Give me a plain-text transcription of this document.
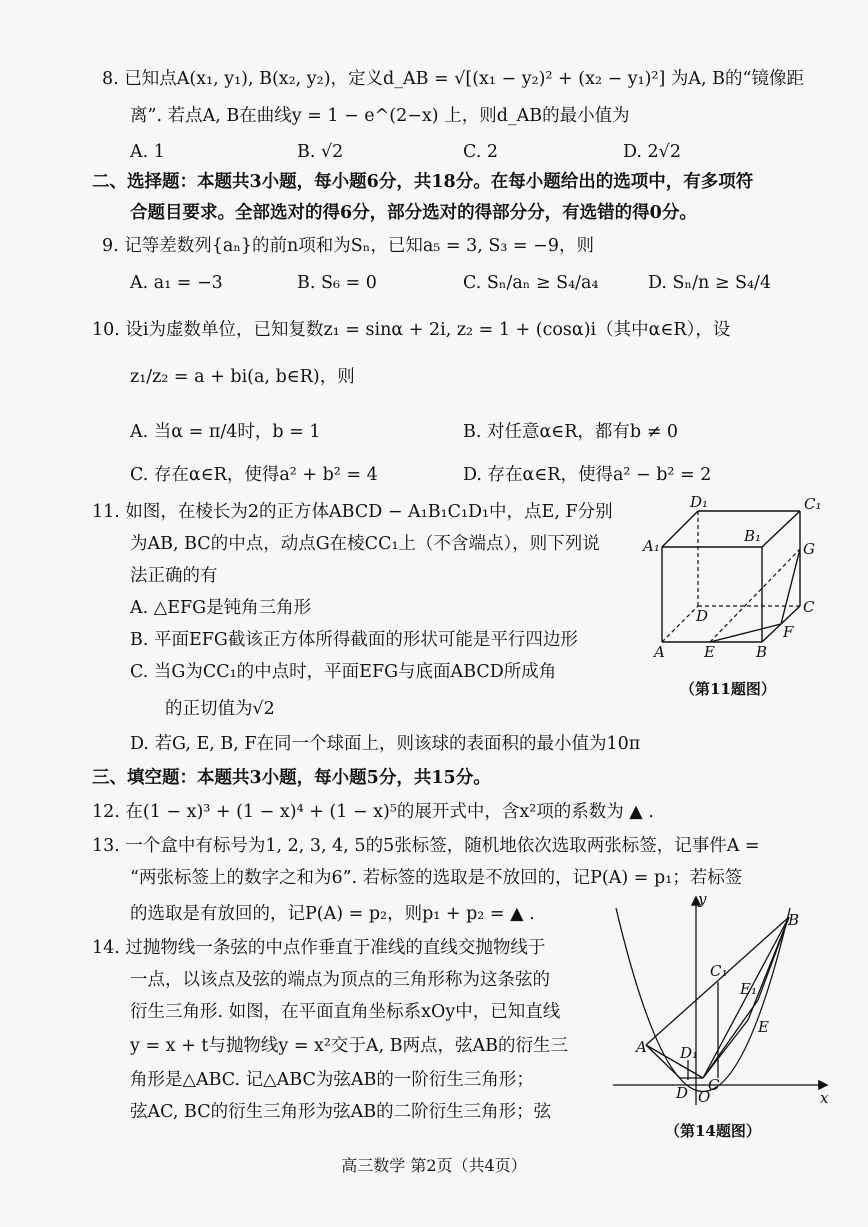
8. 已知点A(x₁, y₁), B(x₂, y₂)，定义d_AB = √[(x₁ − y₂)² + (x₂ − y₁)²] 为A, B的“镜像距
离”. 若点A, B在曲线y = 1 − e^(2−x) 上，则d_AB的最小值为
A. 1	B. √2	C. 2	D. 2√2
二、选择题：本题共3小题，每小题6分，共18分。在每小题给出的选项中，有多项符
合题目要求。全部选对的得6分，部分选对的得部分分，有选错的得0分。
9. 记等差数列{aₙ}的前n项和为Sₙ，已知a₅ = 3, S₃ = −9，则
A. a₁ = −3	B. S₆ = 0	C. Sₙ/aₙ ≥ S₄/a₄	D. Sₙ/n ≥ S₄/4
10. 设i为虚数单位，已知复数z₁ = sinα + 2i, z₂ = 1 + (cosα)i（其中α∈R），设
z₁/z₂ = a + bi(a, b∈R)，则
A. 当α = π/4时，b = 1	B. 对任意α∈R，都有b ≠ 0
C. 存在α∈R，使得a² + b² = 4	D. 存在α∈R，使得a² − b² = 2
11. 如图，在棱长为2的正方体ABCD − A₁B₁C₁D₁中，点E, F分别
为AB, BC的中点，动点G在棱CC₁上（不含端点），则下列说
法正确的有
A. △EFG是钝角三角形
B. 平面EFG截该正方体所得截面的形状可能是平行四边形
C. 当G为CC₁的中点时，平面EFG与底面ABCD所成角
的正切值为√2
D. 若G, E, B, F在同一个球面上，则该球的表面积的最小值为10π
D₁	C₁
A₁
B₁
G
D	C
F
A	E	B
（第11题图）
三、填空题：本题共3小题，每小题5分，共15分。
12. 在(1 − x)³ + (1 − x)⁴ + (1 − x)⁵的展开式中，含x²项的系数为 ▲ .
13. 一个盒中有标号为1, 2, 3, 4, 5的5张标签，随机地依次选取两张标签，记事件A =
“两张标签上的数字之和为6”. 若标签的选取是不放回的，记P(A) = p₁；若标签
的选取是有放回的，记P(A) = p₂，则p₁ + p₂ = ▲ .
14. 过抛物线一条弦的中点作垂直于准线的直线交抛物线于
一点，以该点及弦的端点为顶点的三角形称为这条弦的
衍生三角形. 如图，在平面直角坐标系xOy中，已知直线
y = x + t与抛物线y = x²交于A, B两点，弦AB的衍生三
角形是△ABC. 记△ABC为弦AB的一阶衍生三角形；
弦AC, BC的衍生三角形为弦AB的二阶衍生三角形；弦
y
x
B
C₁
E₁
E
A D₁
D O
C
（第14题图）
高三数学 第2页（共4页）
